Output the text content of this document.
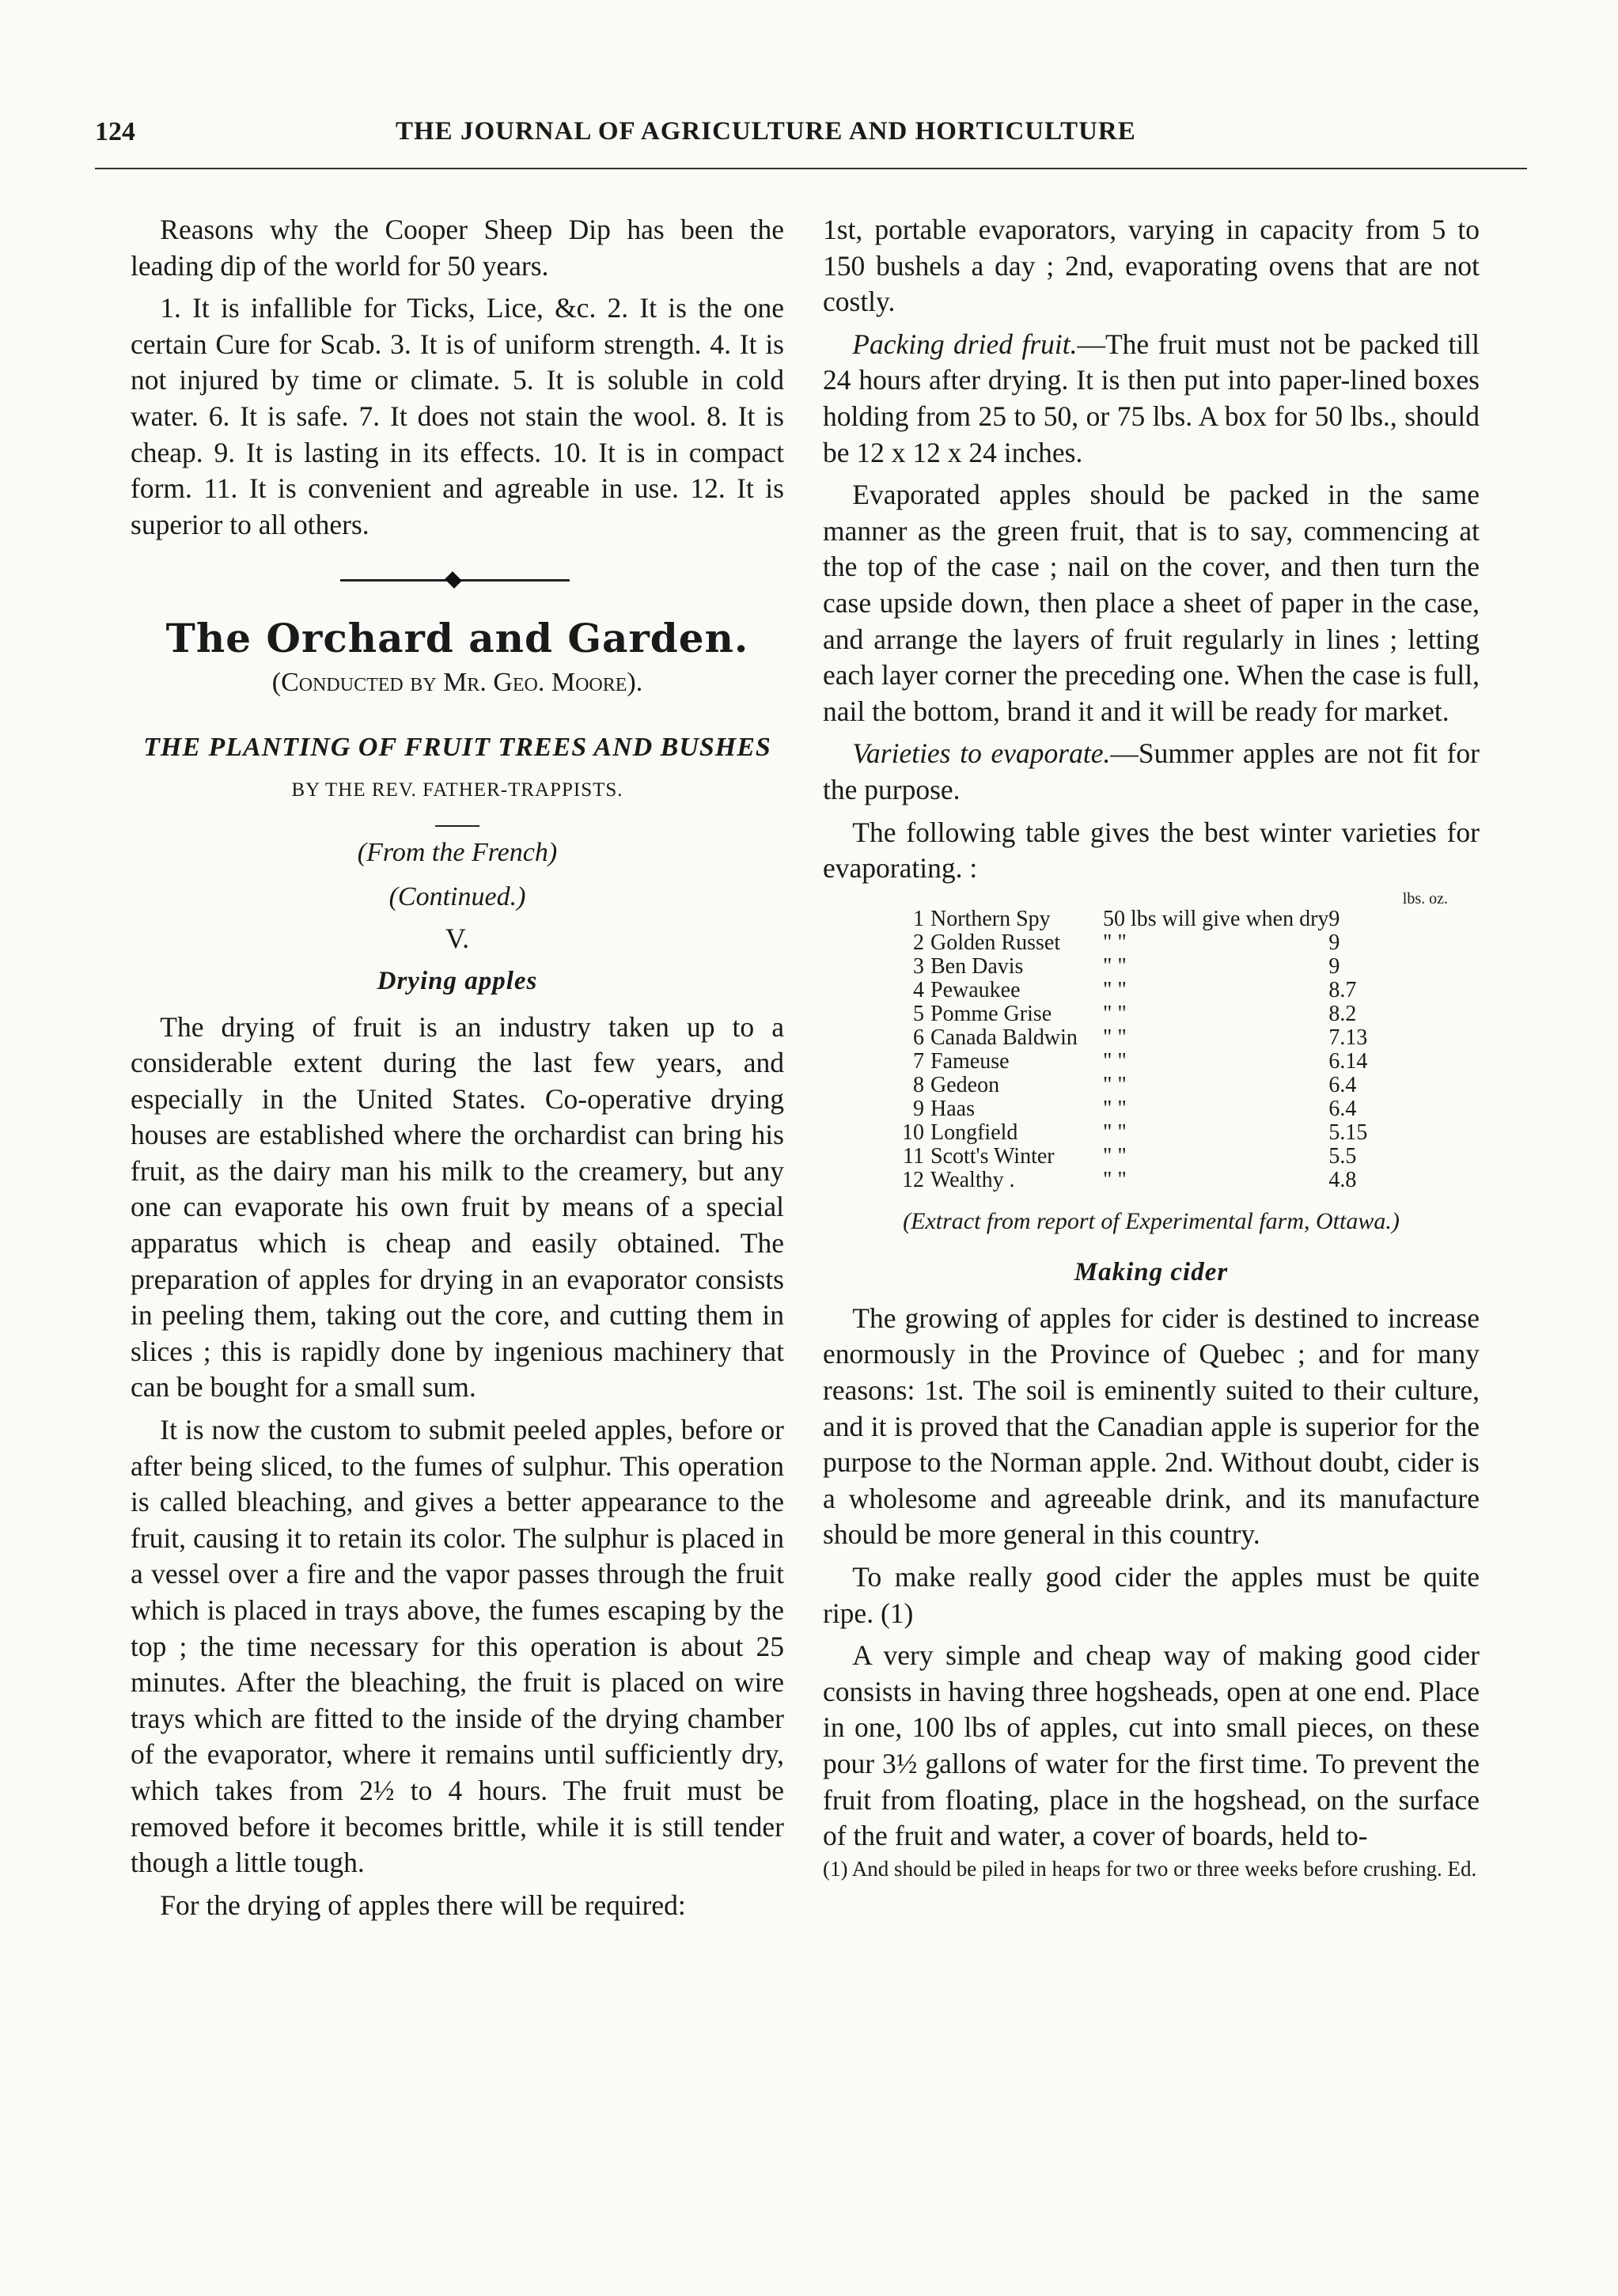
124	THE JOURNAL OF AGRICULTURE AND HORTICULTURE

Reasons why the Cooper Sheep Dip has been the leading dip of the world for 50 years.

1. It is infallible for Ticks, Lice, &c. 2. It is the one certain Cure for Scab. 3. It is of uniform strength. 4. It is not injured by time or climate. 5. It is soluble in cold water. 6. It is safe. 7. It does not stain the wool. 8. It is cheap. 9. It is lasting in its effects. 10. It is in compact form. 11. It is convenient and agreable in use. 12. It is superior to all others.

The Orchard and Garden.
(Conducted by Mr. Geo. Moore).
THE PLANTING OF FRUIT TREES AND BUSHES
BY THE REV. FATHER-TRAPPISTS.
(From the French)
(Continued.)
V.
Drying apples

The drying of fruit is an industry taken up to a considerable extent during the last few years, and especially in the United States. Co-operative drying houses are established where the orchardist can bring his fruit, as the dairy man his milk to the creamery, but any one can evaporate his own fruit by means of a special apparatus which is cheap and easily obtained. The preparation of apples for drying in an evaporator consists in peeling them, taking out the core, and cutting them in slices ; this is rapidly done by ingenious machinery that can be bought for a small sum.

It is now the custom to submit peeled apples, before or after being sliced, to the fumes of sulphur. This operation is called bleaching, and gives a better appearance to the fruit, causing it to retain its color. The sulphur is placed in a vessel over a fire and the vapor passes through the fruit which is placed in trays above, the fumes escaping by the top ; the time necessary for this operation is about 25 minutes. After the bleaching, the fruit is placed on wire trays which are fitted to the inside of the drying chamber of the evaporator, where it remains until sufficiently dry, which takes from 2½ to 4 hours. The fruit must be removed before it becomes brittle, while it is still tender though a little tough.

For the drying of apples there will be required:

1st, portable evaporators, varying in capacity from 5 to 150 bushels a day ; 2nd, evaporating ovens that are not costly.

Packing dried fruit.—The fruit must not be packed till 24 hours after drying. It is then put into paper-lined boxes holding from 25 to 50, or 75 lbs. A box for 50 lbs., should be 12 x 12 x 24 inches.

Evaporated apples should be packed in the same manner as the green fruit, that is to say, commencing at the top of the case ; nail on the cover, and then turn the case upside down, then place a sheet of paper in the case, and arrange the layers of fruit regularly in lines ; letting each layer corner the preceding one. When the case is full, nail the bottom, brand it and it will be ready for market.

Varieties to evaporate.—Summer apples are not fit for the purpose.

The following table gives the best winter varieties for evaporating. :

lbs. oz.
1	Northern Spy	50 lbs will give when dry	9
2	Golden Russet	" "	9
3	Ben Davis	" "	9
4	Pewaukee	" "	8.7
5	Pomme Grise	" "	8.2
6	Canada Baldwin	" "	7.13
7	Fameuse	" "	6.14
8	Gedeon	" "	6.4
9	Haas	" "	6.4
10	Longfield	" "	5.15
11	Scott's Winter	" "	5.5
12	Wealthy .	" "	4.8
(Extract from report of Experimental farm, Ottawa.)
Making cider

The growing of apples for cider is destined to increase enormously in the Province of Quebec ; and for many reasons: 1st. The soil is eminently suited to their culture, and it is proved that the Canadian apple is superior for the purpose to the Norman apple. 2nd. Without doubt, cider is a wholesome and agreeable drink, and its manufacture should be more general in this country.

To make really good cider the apples must be quite ripe. (1)

A very simple and cheap way of making good cider consists in having three hogsheads, open at one end. Place in one, 100 lbs of apples, cut into small pieces, on these pour 3½ gallons of water for the first time. To prevent the fruit from floating, place in the hogshead, on the surface of the fruit and water, a cover of boards, held to-

(1) And should be piled in heaps for two or three weeks before crushing. Ed.
